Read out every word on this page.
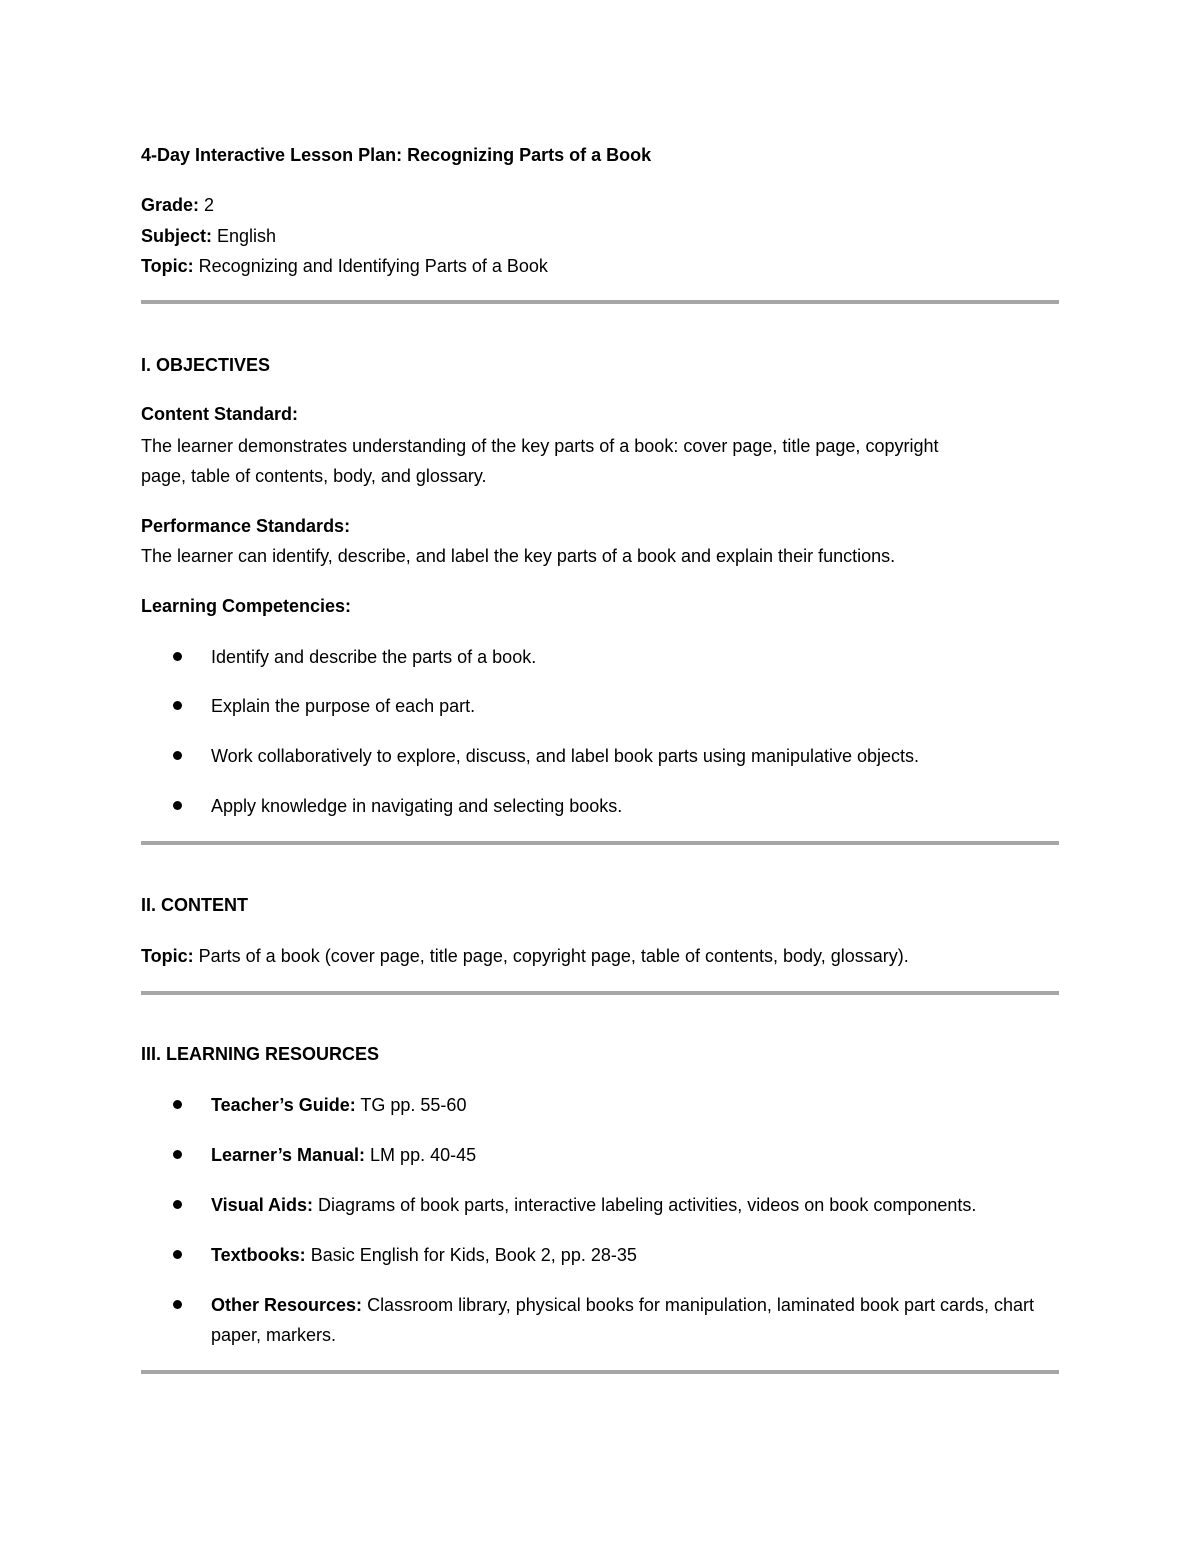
4-Day Interactive Lesson Plan: Recognizing Parts of a Book
Grade: 2
Subject: English
Topic: Recognizing and Identifying Parts of a Book
I. OBJECTIVES
Content Standard:
The learner demonstrates understanding of the key parts of a book: cover page, title page, copyright
page, table of contents, body, and glossary.
Performance Standards:
The learner can identify, describe, and label the key parts of a book and explain their functions.
Learning Competencies:
Identify and describe the parts of a book.
Explain the purpose of each part.
Work collaboratively to explore, discuss, and label book parts using manipulative objects.
Apply knowledge in navigating and selecting books.
II. CONTENT
Topic: Parts of a book (cover page, title page, copyright page, table of contents, body, glossary).
III. LEARNING RESOURCES
Teacher’s Guide: TG pp. 55-60
Learner’s Manual: LM pp. 40-45
Visual Aids: Diagrams of book parts, interactive labeling activities, videos on book components.
Textbooks: Basic English for Kids, Book 2, pp. 28-35
Other Resources: Classroom library, physical books for manipulation, laminated book part cards, chart paper, markers.
